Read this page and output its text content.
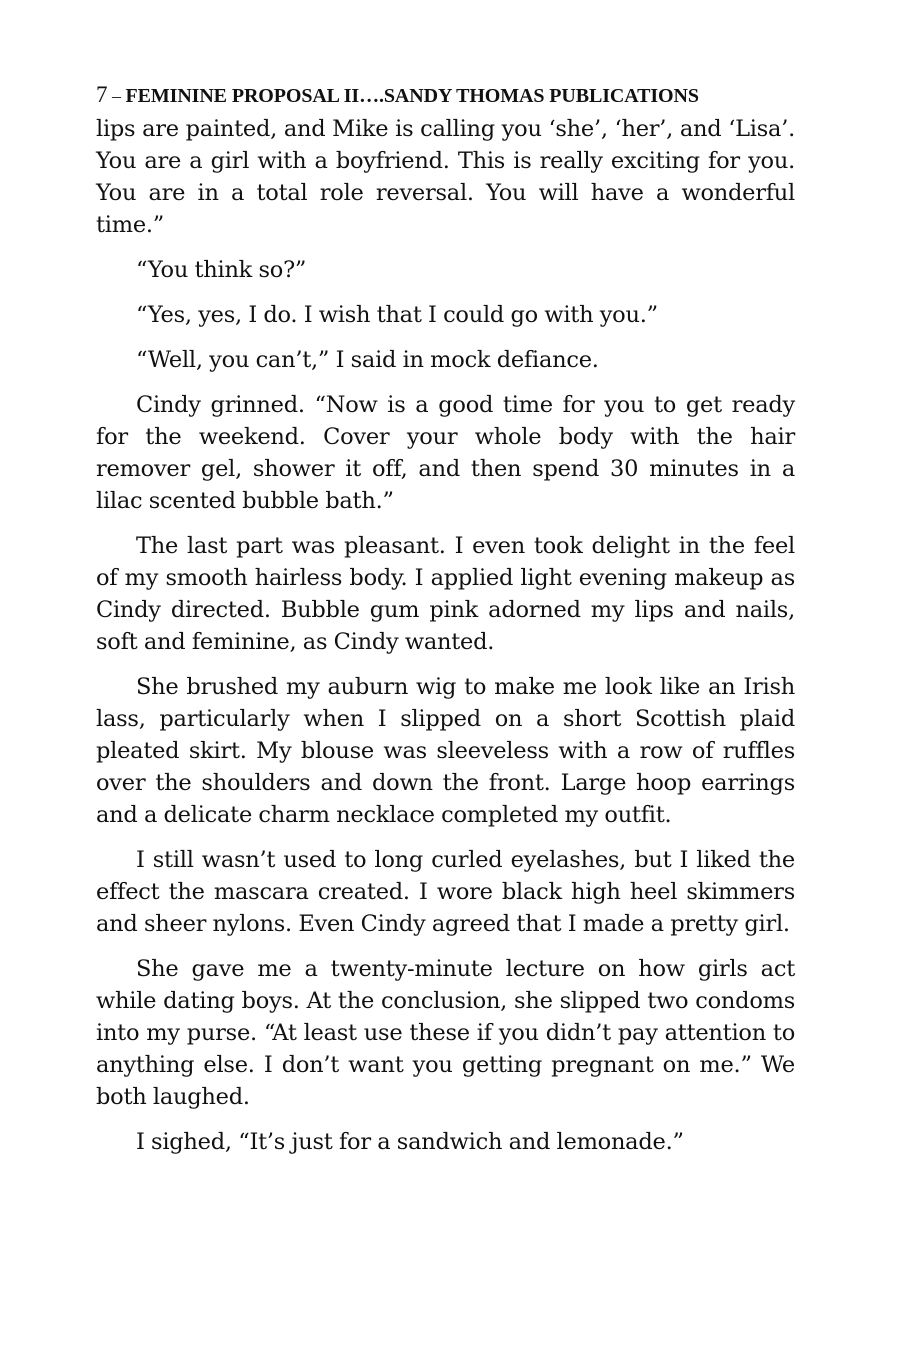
7 – FEMININE PROPOSAL II….SANDY THOMAS PUBLICATIONS

lips are painted, and Mike is calling you ‘she’, ‘her’, and ‘Lisa’. You are a girl with a boyfriend. This is really exciting for you. You are in a total role reversal. You will have a wonderful time.”

“You think so?”

“Yes, yes, I do. I wish that I could go with you.”

“Well, you can’t,” I said in mock defiance.

Cindy grinned. “Now is a good time for you to get ready for the weekend. Cover your whole body with the hair remover gel, shower it off, and then spend 30 minutes in a lilac scented bubble bath.”

The last part was pleasant. I even took delight in the feel of my smooth hairless body. I applied light evening makeup as Cindy directed. Bubble gum pink adorned my lips and nails, soft and feminine, as Cindy wanted.

She brushed my auburn wig to make me look like an Irish lass, particularly when I slipped on a short Scottish plaid pleated skirt. My blouse was sleeveless with a row of ruffles over the shoulders and down the front. Large hoop earrings and a delicate charm necklace completed my outfit.

I still wasn’t used to long curled eyelashes, but I liked the effect the mascara created. I wore black high heel skimmers and sheer nylons. Even Cindy agreed that I made a pretty girl.

She gave me a twenty-minute lecture on how girls act while dating boys. At the conclusion, she slipped two condoms into my purse. “At least use these if you didn’t pay attention to anything else. I don’t want you getting pregnant on me.” We both laughed.

I sighed, “It’s just for a sandwich and lemonade.”
